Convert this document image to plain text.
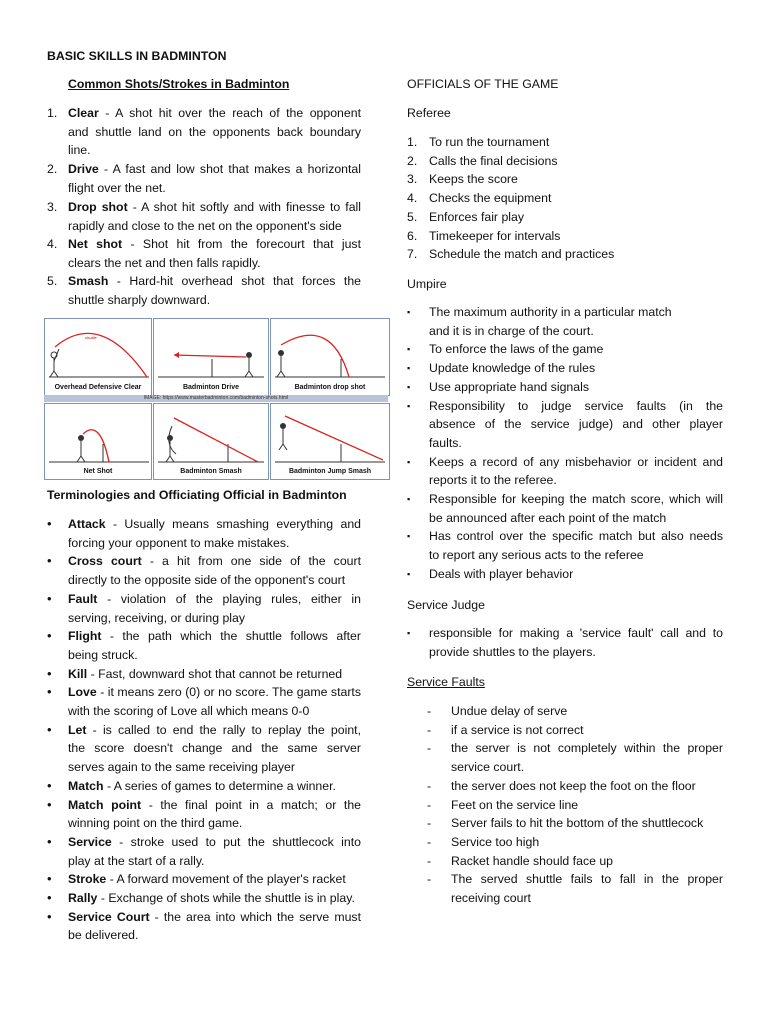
BASIC SKILLS IN BADMINTON
Common Shots/Strokes in Badminton
1. Clear - A shot hit over the reach of the opponent
and shuttle land on the opponents back boundary
line.
2. Drive - A fast and low shot that makes a horizontal
flight over the net.
3. Drop shot - A shot hit softly and with finesse to fall
rapidly and close to the net on the opponent's side
4. Net shot - Shot hit from the forecourt that just
clears the net and then falls rapidly.
5. Smash - Hard-hit overhead shot that forces the
shuttle sharply downward.
shuttle
Overhead Defensive Clear	Badminton Drive	Badminton drop shot
IMAGE: https://www.masterbadminton.com/badminton-shots.html
Net Shot	Badminton Smash	Badminton Jump Smash
Terminologies and Officiating Official in Badminton
• Attack - Usually means smashing everything and
forcing your opponent to make mistakes.
• Cross court - a hit from one side of the court
directly to the opposite side of the opponent's court
• Fault - violation of the playing rules, either in
serving, receiving, or during play
• Flight - the path which the shuttle follows after
being struck.
• Kill - Fast, downward shot that cannot be returned
• Love - it means zero (0) or no score. The game starts
with the scoring of Love all which means 0-0
• Let - is called to end the rally to replay the point,
the score doesn't change and the same server
serves again to the same receiving player
• Match - A series of games to determine a winner.
• Match point - the final point in a match; or the
winning point on the third game.
• Service - stroke used to put the shuttlecock into
play at the start of a rally.
• Stroke - A forward movement of the player's racket
• Rally - Exchange of shots while the shuttle is in play.
• Service Court - the area into which the serve must
be delivered.
OFFICIALS OF THE GAME
Referee
1. To run the tournament
2. Calls the final decisions
3. Keeps the score
4. Checks the equipment
5. Enforces fair play
6. Timekeeper for intervals
7. Schedule the match and practices
Umpire
▪ The maximum authority in a particular match
and it is in charge of the court.
▪ To enforce the laws of the game
▪ Update knowledge of the rules
▪ Use appropriate hand signals
▪ Responsibility to judge service faults (in the
absence of the service judge) and other player
faults.
▪ Keeps a record of any misbehavior or incident and
reports it to the referee.
▪ Responsible for keeping the match score, which will
be announced after each point of the match
▪ Has control over the specific match but also needs
to report any serious acts to the referee
▪ Deals with player behavior
Service Judge
▪ responsible for making a 'service fault' call and to
provide shuttles to the players.
Service Faults
- Undue delay of serve
- if a service is not correct
- the server is not completely within the proper
service court.
- the server does not keep the foot on the floor
- Feet on the service line
- Server fails to hit the bottom of the shuttlecock
- Service too high
- Racket handle should face up
- The served shuttle fails to fall in the proper
receiving court
